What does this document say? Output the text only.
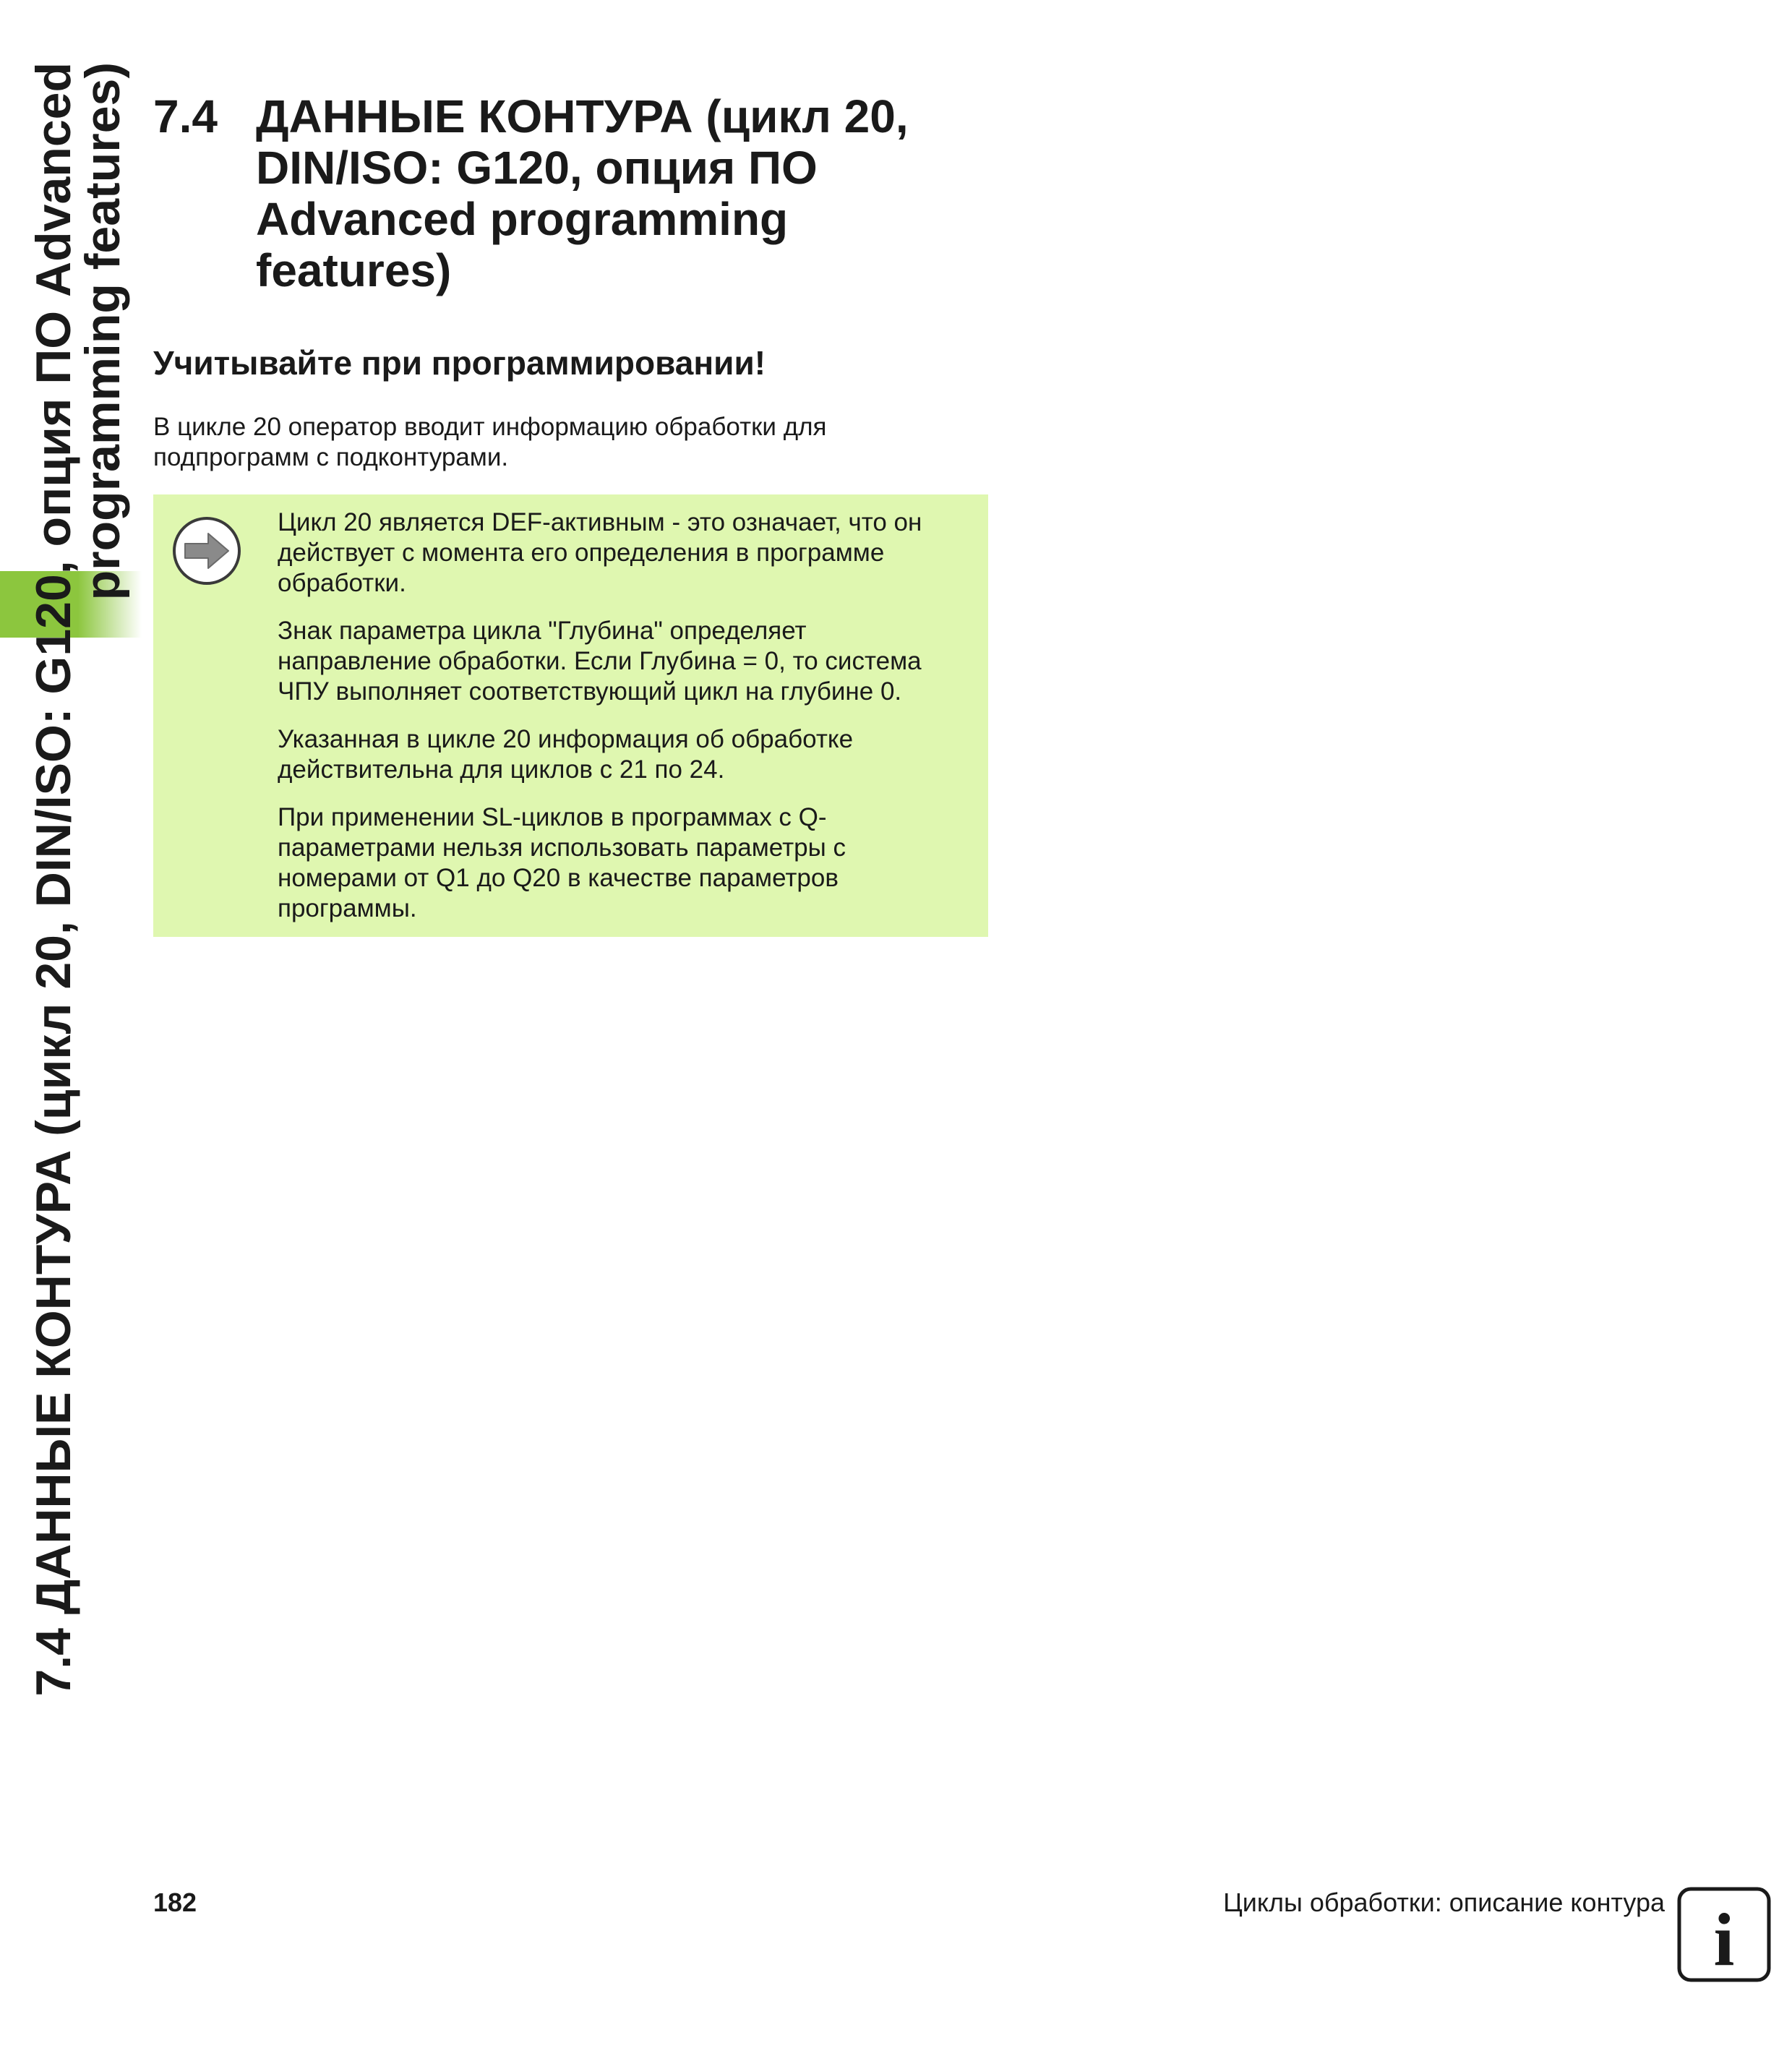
7.4 ДАННЫЕ КОНТУРА (цикл 20, DIN/ISO: G120, опция ПО Advanced
programming features) 7.4 ДАННЫЕ КОНТУРА (цикл 20,
DIN/ISO: G120, опция ПО
Advanced programming
features)
Учитывайте при программировании!
В цикле 20 оператор вводит информацию обработки для
подпрограмм с подконтурами.

Цикл 20 является DEF-активным - это означает, что он
действует с момента его определения в программе
обработки.

Знак параметра цикла "Глубина" определяет
направление обработки. Если Глубина = 0, то система
ЧПУ выполняет соответствующий цикл на глубине 0.

Указанная в цикле 20 информация об обработке
действительна для циклов с 21 по 24.

При применении SL-циклов в программах с Q-
параметрами нельзя использовать параметры с
номерами от Q1 до Q20 в качестве параметров
программы.

182	Циклы обработки: описание контура i
